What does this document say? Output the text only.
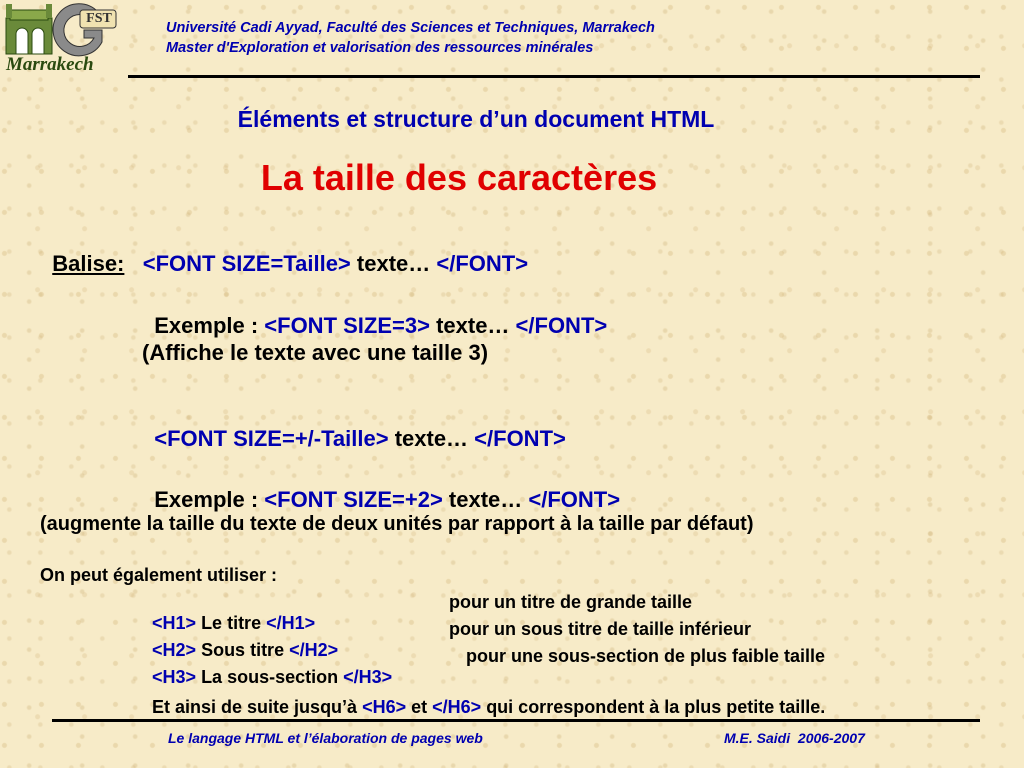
FST
Marrakech
Université Cadi Ayyad, Faculté des Sciences et Techniques, Marrakech
Master d'Exploration et valorisation des ressources minérales
Éléments et structure d’un document HTML
La taille des caractères

Balise: <FONT SIZE=Taille> texte… </FONT>

Exemple : <FONT SIZE=3> texte… </FONT>

(Affiche le texte avec une taille 3)

<FONT SIZE=+/-Taille> texte… </FONT>

Exemple : <FONT SIZE=+2> texte… </FONT>

(augmente la taille du texte de deux unités par rapport à la taille par défaut)
On peut également utiliser :

<H1> Le titre </H1>

pour un titre de grande taille

<H2> Sous titre </H2>

pour un sous titre de taille inférieur

<H3> La sous-section </H3>

pour une sous-section de plus faible taille

Et ainsi de suite jusqu’à <H6> et </H6> qui correspondent à la plus petite taille.

Le langage HTML et l’élaboration de pages web	M.E. Saidi  2006-2007
